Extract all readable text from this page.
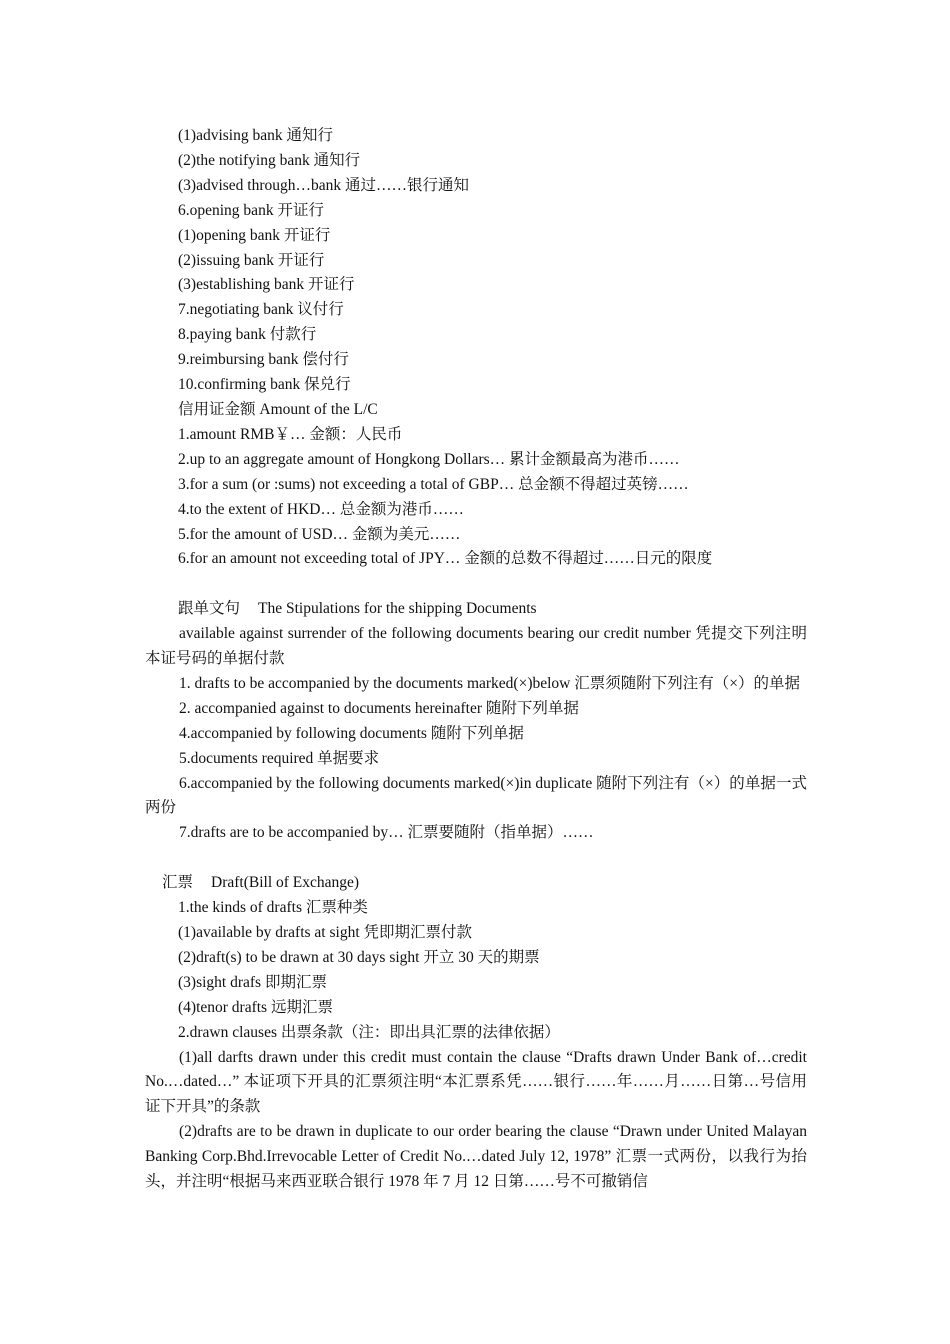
(1)advising bank 通知行
(2)the notifying bank 通知行
(3)advised through…bank 通过……银行通知
6.opening bank 开证行
(1)opening bank 开证行
(2)issuing bank 开证行
(3)establishing bank 开证行
7.negotiating bank 议付行
8.paying bank 付款行
9.reimbursing bank 偿付行
10.confirming bank 保兑行
信用证金额 Amount of the L/C
1.amount RMB￥… 金额：人民币
2.up to an aggregate amount of Hongkong Dollars… 累计金额最高为港币……
3.for a sum (or :sums) not exceeding a total of GBP… 总金额不得超过英镑……
4.to the extent of HKD… 总金额为港币……
5.for the amount of USD… 金额为美元……
6.for an amount not exceeding total of JPY… 金额的总数不得超过……日元的限度
跟单文句 The Stipulations for the shipping Documents

available against surrender of the following documents bearing our credit number 凭提交下列注明本证号码的单据付款

1. drafts to be accompanied by the documents marked(×)below 汇票须随附下列注有（×）的单据

2. accompanied against to documents hereinafter 随附下列单据
4.accompanied by following documents 随附下列单据
5.documents required 单据要求

6.accompanied by the following documents marked(×)in duplicate 随附下列注有（×）的单据一式两份

7.drafts are to be accompanied by… 汇票要随附（指单据）……
汇票 Draft(Bill of Exchange)
1.the kinds of drafts 汇票种类
(1)available by drafts at sight 凭即期汇票付款
(2)draft(s) to be drawn at 30 days sight 开立 30 天的期票
(3)sight drafs 即期汇票
(4)tenor drafts 远期汇票
2.drawn clauses 出票条款（注：即出具汇票的法律依据）

(1)all darfts drawn under this credit must contain the clause “Drafts drawn Under Bank of…credit No.…dated…” 本证项下开具的汇票须注明“本汇票系凭……银行……年……月……日第…号信用证下开具”的条款

(2)drafts are to be drawn in duplicate to our order bearing the clause “Drawn under United Malayan Banking Corp.Bhd.Irrevocable Letter of Credit No.…dated July 12, 1978” 汇票一式两份，以我行为抬头，并注明“根据马来西亚联合银行 1978 年 7 月 12 日第……号不可撤销信
